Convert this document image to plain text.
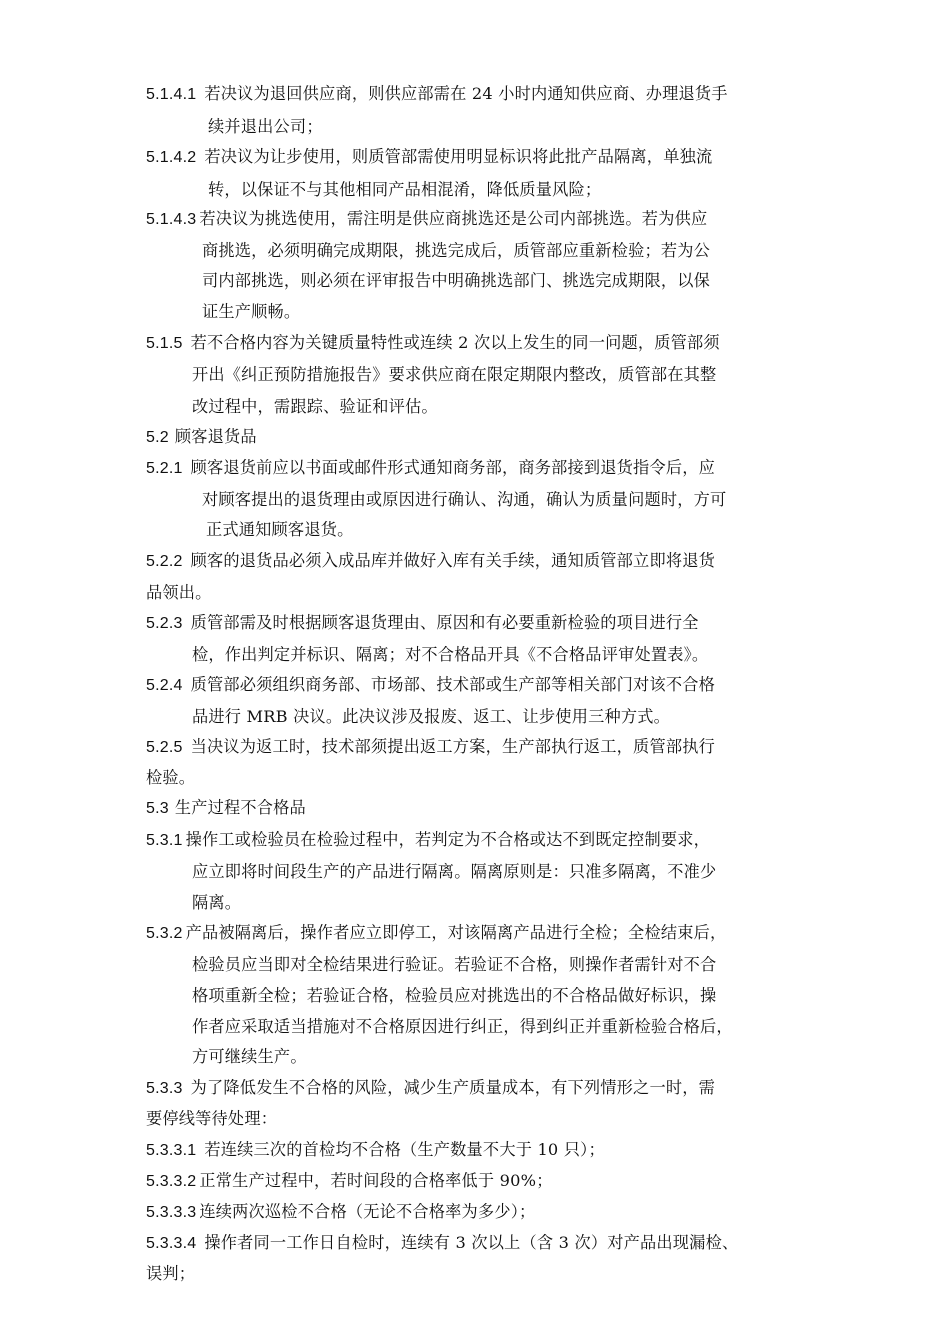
5.1.4.1 若决议为退回供应商，则供应部需在 24 小时内通知供应商、办理退货手
续并退出公司；
5.1.4.2 若决议为让步使用，则质管部需使用明显标识将此批产品隔离，单独流
转，以保证不与其他相同产品相混淆，降低质量风险；
5.1.4.3 若决议为挑选使用，需注明是供应商挑选还是公司内部挑选。若为供应
商挑选，必须明确完成期限，挑选完成后，质管部应重新检验；若为公
司内部挑选，则必须在评审报告中明确挑选部门、挑选完成期限，以保
证生产顺畅。
5.1.5 若不合格内容为关键质量特性或连续 2 次以上发生的同一问题，质管部须
开出《纠正预防措施报告》要求供应商在限定期限内整改，质管部在其整
改过程中，需跟踪、验证和评估。
5.2 顾客退货品
5.2.1 顾客退货前应以书面或邮件形式通知商务部，商务部接到退货指令后，应
对顾客提出的退货理由或原因进行确认、沟通，确认为质量问题时，方可
正式通知顾客退货。
5.2.2 顾客的退货品必须入成品库并做好入库有关手续，通知质管部立即将退货
品领出。
5.2.3 质管部需及时根据顾客退货理由、原因和有必要重新检验的项目进行全
检，作出判定并标识、隔离；对不合格品开具《不合格品评审处置表》。
5.2.4 质管部必须组织商务部、市场部、技术部或生产部等相关部门对该不合格
品进行 MRB 决议。此决议涉及报废、返工、让步使用三种方式。
5.2.5 当决议为返工时，技术部须提出返工方案，生产部执行返工，质管部执行
检验。
5.3 生产过程不合格品
5.3.1 操作工或检验员在检验过程中，若判定为不合格或达不到既定控制要求，
应立即将时间段生产的产品进行隔离。隔离原则是：只准多隔离，不准少
隔离。
5.3.2 产品被隔离后，操作者应立即停工，对该隔离产品进行全检；全检结束后，
检验员应当即对全检结果进行验证。若验证不合格，则操作者需针对不合
格项重新全检；若验证合格，检验员应对挑选出的不合格品做好标识，操
作者应采取适当措施对不合格原因进行纠正，得到纠正并重新检验合格后，
方可继续生产。
5.3.3 为了降低发生不合格的风险，减少生产质量成本，有下列情形之一时，需
要停线等待处理：
5.3.3.1 若连续三次的首检均不合格（生产数量不大于 10 只）；
5.3.3.2 正常生产过程中，若时间段的合格率低于 90%；
5.3.3.3 连续两次巡检不合格（无论不合格率为多少）；
5.3.3.4 操作者同一工作日自检时，连续有 3 次以上（含 3 次）对产品出现漏检、
误判；
